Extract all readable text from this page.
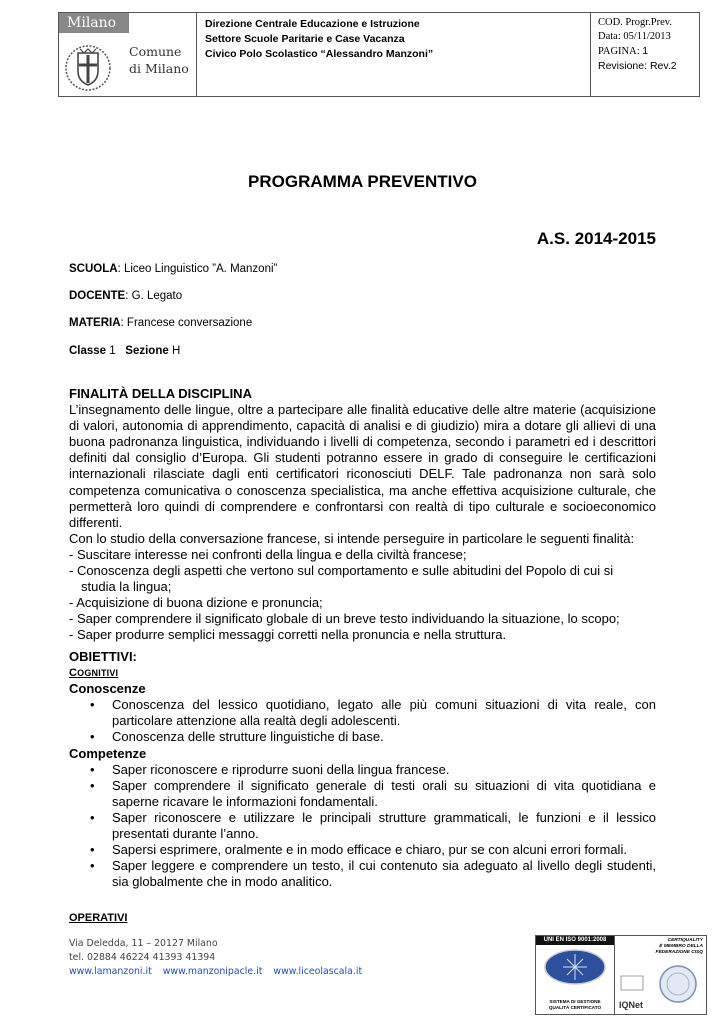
Milano
Comune
di Milano
Direzione Centrale Educazione e Istruzione
Settore Scuole Paritarie e Case Vacanza
Civico Polo Scolastico “Alessandro Manzoni”
COD. Progr.Prev.
Data: 05/11/2013
PAGINA: 1
Revisione: Rev.2
PROGRAMMA PREVENTIVO
A.S. 2014-2015
SCUOLA: Liceo Linguistico ”A. Manzoni”
DOCENTE: G. Legato
MATERIA: Francese conversazione
Classe 1   Sezione H
FINALITÀ DELLA DISCIPLINA
L’insegnamento delle lingue, oltre a partecipare alle finalità educative delle altre materie (acquisizione di valori, autonomia di apprendimento, capacità di analisi e di giudizio) mira a dotare gli allievi di una buona padronanza linguistica, individuando i livelli di competenza, secondo i parametri ed i descrittori definiti dal consiglio d’Europa. Gli studenti potranno essere in grado di conseguire le certificazioni internazionali rilasciate dagli enti certificatori riconosciuti DELF. Tale padronanza non sarà solo competenza comunicativa o conoscenza specialistica, ma anche effettiva acquisizione culturale, che permetterà loro quindi di comprendere e confrontarsi con realtà di tipo culturale e socioeconomico differenti.
Con lo studio della conversazione francese, si intende perseguire in particolare le seguenti finalità:
- Suscitare interesse nei confronti della lingua e della civiltà francese;
- Conoscenza degli aspetti che vertono sul comportamento e sulle abitudini del Popolo di cui si
studia la lingua;
- Acquisizione di buona dizione e pronuncia;
- Saper comprendere il significato globale di un breve testo individuando la situazione, lo scopo;
- Saper produrre semplici messaggi corretti nella pronuncia e nella struttura.
OBIETTIVI:
COGNITIVI
Conoscenze
• Conoscenza del lessico quotidiano, legato alle più comuni situazioni di vita reale, con particolare attenzione alla realtà degli adolescenti.
• Conoscenza delle strutture linguistiche di base.
Competenze
• Saper riconoscere e riprodurre suoni della lingua francese.
• Saper comprendere il significato generale di testi orali su situazioni di vita quotidiana e saperne ricavare le informazioni fondamentali.
• Saper riconoscere e utilizzare le principali strutture grammaticali, le funzioni e il lessico presentati durante l’anno.
• Sapersi esprimere, oralmente e in modo efficace e chiaro, pur se con alcuni errori formali.
• Saper leggere e comprendere un testo, il cui contenuto sia adeguato al livello degli studenti, sia globalmente che in modo analitico.
OPERATIVI
Via Deledda, 11 – 20127 Milano
tel. 02884 46224 41393 41394
www.lamanzoni.it www.manzonipacle.it www.liceolascala.it
UNI EN ISO 9001:2008
SISTEMA DI GESTIONE
QUALITÀ CERTIFICATO
CERTIQUALITY
È MEMBRO DELLA
FEDERAZIONE CISQ
IQNet
